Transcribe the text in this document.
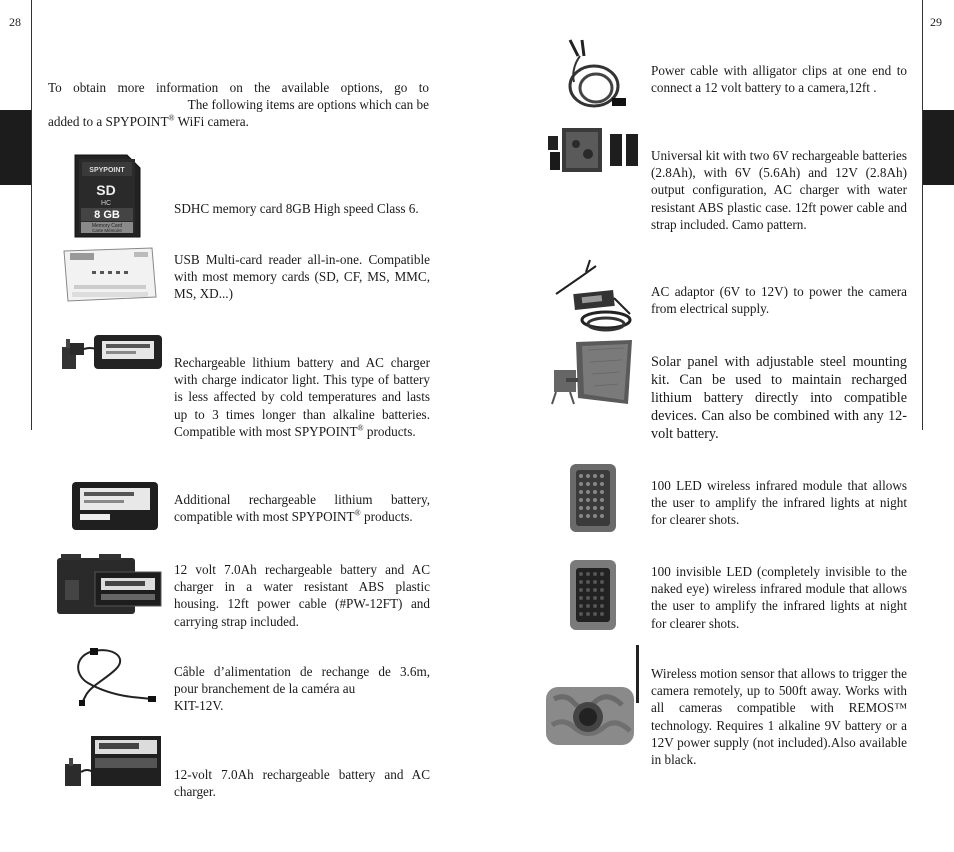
28	29
To obtain more information on the available options, go to
The following items are options which can be
added to a SPYPOINT® WiFi camera.
SPYPOINT
SD
HC
8 GB
Memory Card
Carte Mémoire
SDHC memory card 8GB High speed Class 6.
USB Multi-card reader all-in-one. Compatible with most memory cards (SD, CF, MS, MMC, MS, XD...)
Rechargeable lithium battery and AC charger with charge indicator light. This type of battery is less affected by cold temperatures and lasts up to 3 times longer than alkaline batteries. Compatible with most SPYPOINT® products.
Additional rechargeable lithium battery, compatible with most SPYPOINT® products.
12 volt 7.0Ah rechargeable battery and AC charger in a water resistant ABS plastic housing. 12ft power cable (#PW-12FT) and carrying strap included.
Câble d’alimentation de rechange de 3.6m,
pour branchement de la caméra au
KIT-12V.
12-volt 7.0Ah rechargeable battery and AC charger.
Power cable with alligator clips at one end to connect a 12 volt battery to a camera,12ft .
Universal kit with two 6V rechargeable batteries (2.8Ah), with 6V (5.6Ah) and 12V (2.8Ah) output configuration, AC charger with water resistant ABS plastic case. 12ft power cable and strap included. Camo pattern.
AC adaptor (6V to 12V) to power the camera from electrical supply.
Solar panel with adjustable steel mounting kit. Can be used to maintain recharged lithium battery directly into compatible devices. Can also be combined with any 12-volt battery.
100 LED wireless infrared module that allows the user to amplify the infrared lights at night for clearer shots.
100 invisible LED (completely invisible to the naked eye) wireless infrared module that allows the user to amplify the infrared lights at night for clearer shots.
Wireless motion sensor that allows to trigger the camera remotely, up to 500ft away. Works with all cameras compatible with REMOS™ technology. Requires 1 alkaline 9V battery or a 12V power supply (not included).Also available in black.
